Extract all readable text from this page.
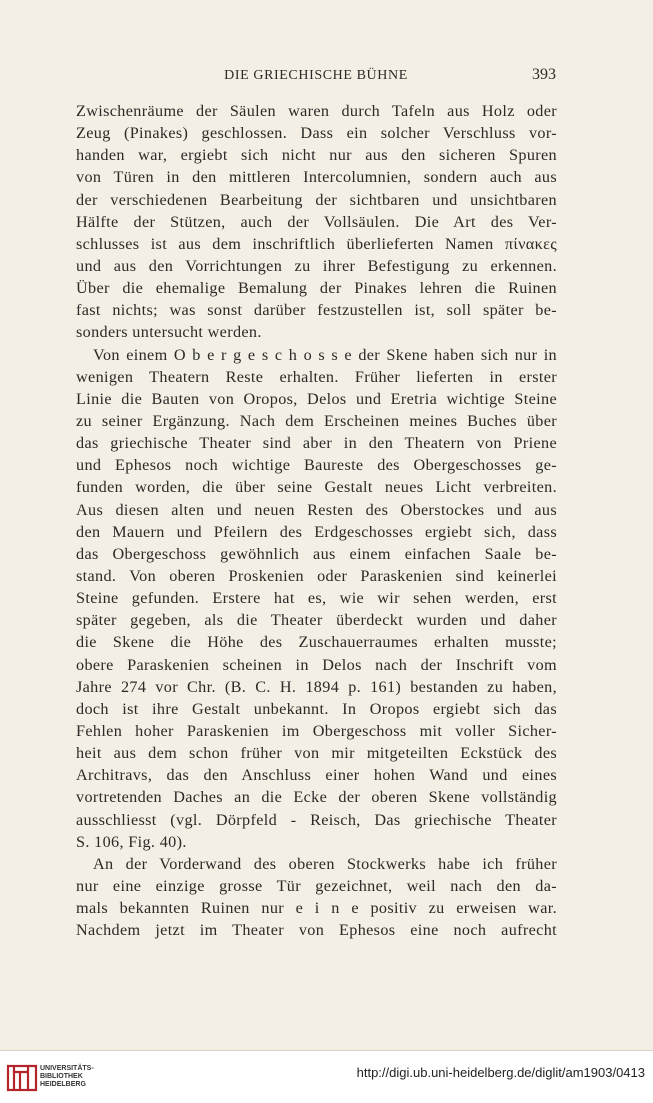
DIE GRIECHISCHE BÜHNE	393
Zwischenräume der Säulen waren durch Tafeln aus Holz oder
Zeug (Pinakes) geschlossen. Dass ein solcher Verschluss vor-
handen war, ergiebt sich nicht nur aus den sicheren Spuren
von Türen in den mittleren Intercolumnien, sondern auch aus
der verschiedenen Bearbeitung der sichtbaren und unsichtbaren
Hälfte der Stützen, auch der Vollsäulen. Die Art des Ver-
schlusses ist aus dem inschriftlich überlieferten Namen πίνακες
und aus den Vorrichtungen zu ihrer Befestigung zu erkennen.
Über die ehemalige Bemalung der Pinakes lehren die Ruinen
fast nichts; was sonst darüber festzustellen ist, soll später be-
sonders untersucht werden.
Von einem O b e r g e s c h o s s e der Skene haben sich nur in
wenigen Theatern Reste erhalten. Früher lieferten in erster
Linie die Bauten von Oropos, Delos und Eretria wichtige Steine
zu seiner Ergänzung. Nach dem Erscheinen meines Buches über
das griechische Theater sind aber in den Theatern von Priene
und Ephesos noch wichtige Baureste des Obergeschosses ge-
funden worden, die über seine Gestalt neues Licht verbreiten.
Aus diesen alten und neuen Resten des Oberstockes und aus
den Mauern und Pfeilern des Erdgeschosses ergiebt sich, dass
das Obergeschoss gewöhnlich aus einem einfachen Saale be-
stand. Von oberen Proskenien oder Paraskenien sind keinerlei
Steine gefunden. Erstere hat es, wie wir sehen werden, erst
später gegeben, als die Theater überdeckt wurden und daher
die Skene die Höhe des Zuschauerraumes erhalten musste;
obere Paraskenien scheinen in Delos nach der Inschrift vom
Jahre 274 vor Chr. (B. C. H. 1894 p. 161) bestanden zu haben,
doch ist ihre Gestalt unbekannt. In Oropos ergiebt sich das
Fehlen hoher Paraskenien im Obergeschoss mit voller Sicher-
heit aus dem schon früher von mir mitgeteilten Eckstück des
Architravs, das den Anschluss einer hohen Wand und eines
vortretenden Daches an die Ecke der oberen Skene vollständig
ausschliesst (vgl. Dörpfeld - Reisch, Das griechische Theater
S. 106, Fig. 40).
An der Vorderwand des oberen Stockwerks habe ich früher
nur eine einzige grosse Tür gezeichnet, weil nach den da-
mals bekannten Ruinen nur e i n e positiv zu erweisen war.
Nachdem jetzt im Theater von Ephesos eine noch aufrecht
UNIVERSITÄTS-
BIBLIOTHEK
HEIDELBERG
http://digi.ub.uni-heidelberg.de/diglit/am1903/0413
